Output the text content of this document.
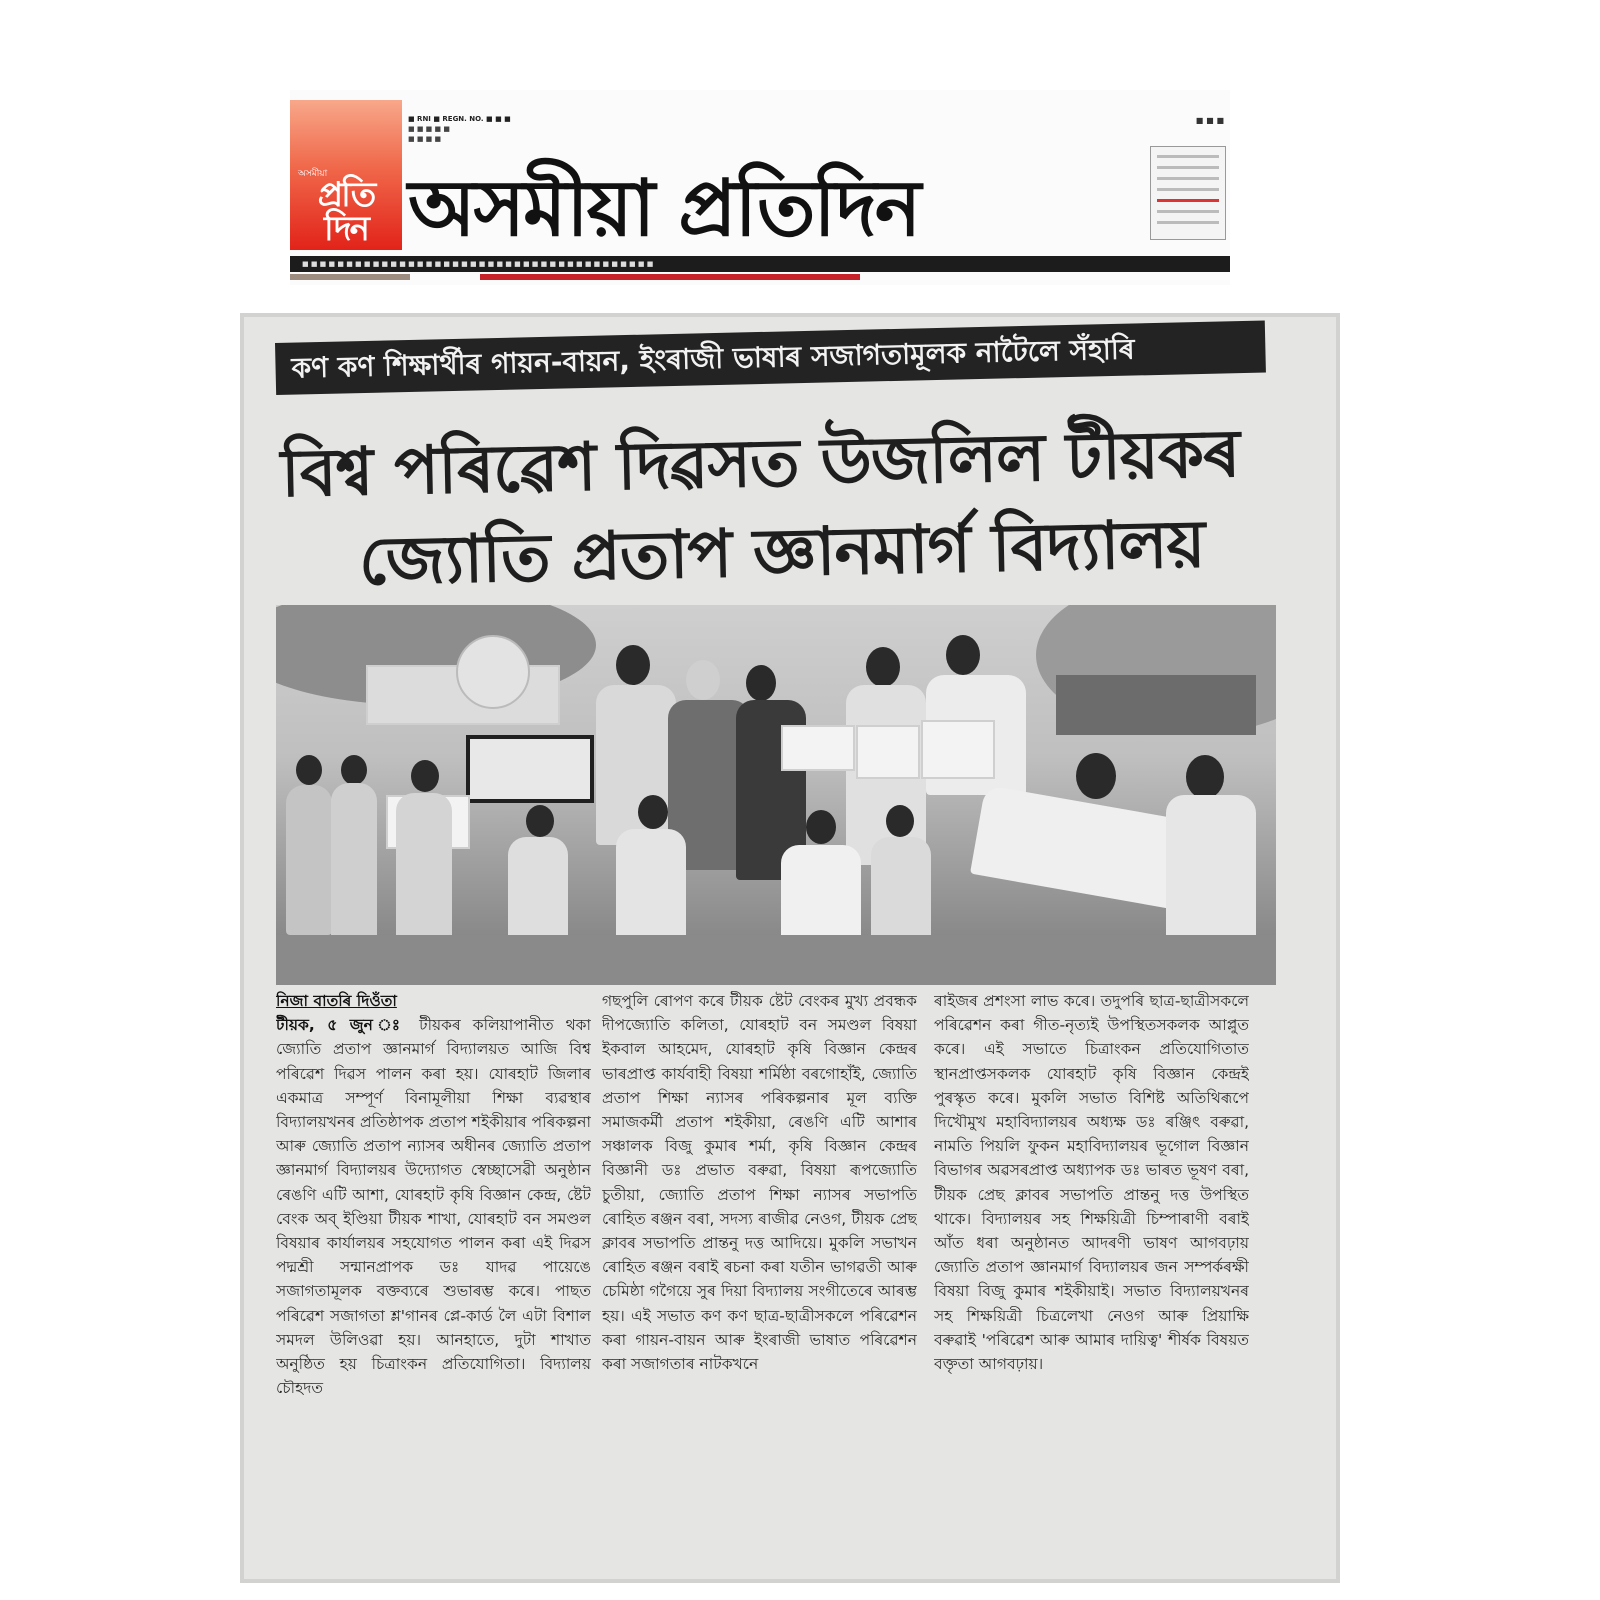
অসমীয়া
প্ৰতি দিন
■ RNI ■ REGN. NO. ■ ■ ■
■ ■ ■ ■ ■
■ ■ ■ ■
■ ■ ■
অসমীয়া প্ৰতিদিন
■ ■ ■ ■ ■ ■ ■ ■ ■ ■ ■ ■ ■ ■ ■ ■ ■ ■ ■ ■ ■ ■ ■ ■ ■ ■ ■ ■ ■ ■ ■ ■ ■ ■ ■ ■ ■ ■ ■ ■
কণ কণ শিক্ষাৰ্থীৰ গায়ন-বায়ন, ইংৰাজী ভাষাৰ সজাগতামূলক নাটৈলে সঁহাৰি
বিশ্ব পৰিৱেশ দিৱসত উজলিল টীয়কৰ
জ্যোতি প্ৰতাপ জ্ঞানমাৰ্গ বিদ্যালয়
নিজা বাতৰি দিওঁতা

টীয়ক, ৫ জুন ঃ টীয়কৰ কলিয়াপানীত থকা জ্যোতি প্ৰতাপ জ্ঞানমাৰ্গ বিদ্যালয়ত আজি বিশ্ব পৰিৱেশ দিৱস পালন কৰা হয়। যোৰহাট জিলাৰ একমাত্ৰ সম্পূৰ্ণ বিনামূলীয়া শিক্ষা ব্যৱস্থাৰ বিদ্যালয়খনৰ প্ৰতিষ্ঠাপক প্ৰতাপ শইকীয়াৰ পৰিকল্পনা আৰু জ্যোতি প্ৰতাপ ন্যাসৰ অধীনৰ জ্যোতি প্ৰতাপ জ্ঞানমাৰ্গ বিদ্যালয়ৰ উদ্যোগত স্বেচ্ছাসেৱী অনুষ্ঠান ৰেঙণি এটি আশা, যোৰহাট কৃষি বিজ্ঞান কেন্দ্ৰ, ষ্টেট বেংক অব্ ইণ্ডিয়া টীয়ক শাখা, যোৰহাট বন সমণ্ডল বিষয়াৰ কাৰ্যালয়ৰ সহযোগত পালন কৰা এই দিৱস পদ্মশ্ৰী সন্মানপ্ৰাপক ডঃ যাদৱ পায়েঙে সজাগতামূলক বক্তব্যৰে শুভাৰম্ভ কৰে। পাছত পৰিৱেশ সজাগতা শ্ল'গানৰ প্লে-কাৰ্ড লৈ এটা বিশাল সমদল উলিওৱা হয়। আনহাতে, দুটা শাখাত অনুষ্ঠিত হয় চিত্ৰাংকন প্ৰতিযোগিতা। বিদ্যালয় চৌহদত

গছপুলি ৰোপণ কৰে টীয়ক ষ্টেট বেংকৰ মুখ্য প্ৰবন্ধক দীপজ্যোতি কলিতা, যোৰহাট বন সমণ্ডল বিষয়া ইকবাল আহমেদ, যোৰহাট কৃষি বিজ্ঞান কেন্দ্ৰৰ ভাৰপ্ৰাপ্ত কাৰ্যবাহী বিষয়া শৰ্মিষ্ঠা বৰগোহাঁই, জ্যোতি প্ৰতাপ শিক্ষা ন্যাসৰ পৰিকল্পনাৰ মূল ব্যক্তি সমাজকৰ্মী প্ৰতাপ শইকীয়া, ৰেঙণি এটি আশাৰ সঞ্চালক বিজু কুমাৰ শৰ্মা, কৃষি বিজ্ঞান কেন্দ্ৰৰ বিজ্ঞানী ডঃ প্ৰভাত বৰুৱা, বিষয়া ৰূপজ্যোতি চুতীয়া, জ্যোতি প্ৰতাপ শিক্ষা ন্যাসৰ সভাপতি ৰোহিত ৰঞ্জন বৰা, সদস্য ৰাজীৱ নেওগ, টীয়ক প্ৰেছ ক্লাবৰ সভাপতি প্ৰান্তনু দত্ত আদিয়ে। মুকলি সভাখন ৰোহিত ৰঞ্জন বৰাই ৰচনা কৰা যতীন ভাগৱতী আৰু চেমিষ্ঠা গগৈয়ে সুৰ দিয়া বিদ্যালয় সংগীতেৰে আৰম্ভ হয়। এই সভাত কণ কণ ছাত্ৰ-ছাত্ৰীসকলে পৰিৱেশন কৰা গায়ন-বায়ন আৰু ইংৰাজী ভাষাত পৰিৱেশন কৰা সজাগতাৰ নাটকখনে

ৰাইজৰ প্ৰশংসা লাভ কৰে। তদুপৰি ছাত্ৰ-ছাত্ৰীসকলে পৰিৱেশন কৰা গীত-নৃত্যই উপস্থিতসকলক আপ্লুত কৰে। এই সভাতে চিত্ৰাংকন প্ৰতিযোগিতাত স্থানপ্ৰাপ্তসকলক যোৰহাট কৃষি বিজ্ঞান কেন্দ্ৰই পুৰস্কৃত কৰে। মুকলি সভাত বিশিষ্ট অতিথিৰূপে দিখৌমুখ মহাবিদ্যালয়ৰ অধ্যক্ষ ডঃ ৰঞ্জিৎ বৰুৱা, নামতি পিয়লি ফুকন মহাবিদ্যালয়ৰ ভূগোল বিজ্ঞান বিভাগৰ অৱসৰপ্ৰাপ্ত অধ্যাপক ডঃ ভাৰত ভূষণ বৰা, টীয়ক প্ৰেছ ক্লাবৰ সভাপতি প্ৰান্তনু দত্ত উপস্থিত থাকে। বিদ্যালয়ৰ সহ শিক্ষয়িত্ৰী চিম্পাৰাণী বৰাই আঁত ধৰা অনুষ্ঠানত আদৰণী ভাষণ আগবঢ়ায় জ্যোতি প্ৰতাপ জ্ঞানমাৰ্গ বিদ্যালয়ৰ জন সম্পৰ্কৰক্ষী বিষয়া বিজু কুমাৰ শইকীয়াই। সভাত বিদ্যালয়খনৰ সহ শিক্ষয়িত্ৰী চিত্ৰলেখা নেওগ আৰু প্ৰিয়াক্ষি বৰুৱাই 'পৰিৱেশ আৰু আমাৰ দায়িত্ব' শীৰ্ষক বিষয়ত বক্তৃতা আগবঢ়ায়।
